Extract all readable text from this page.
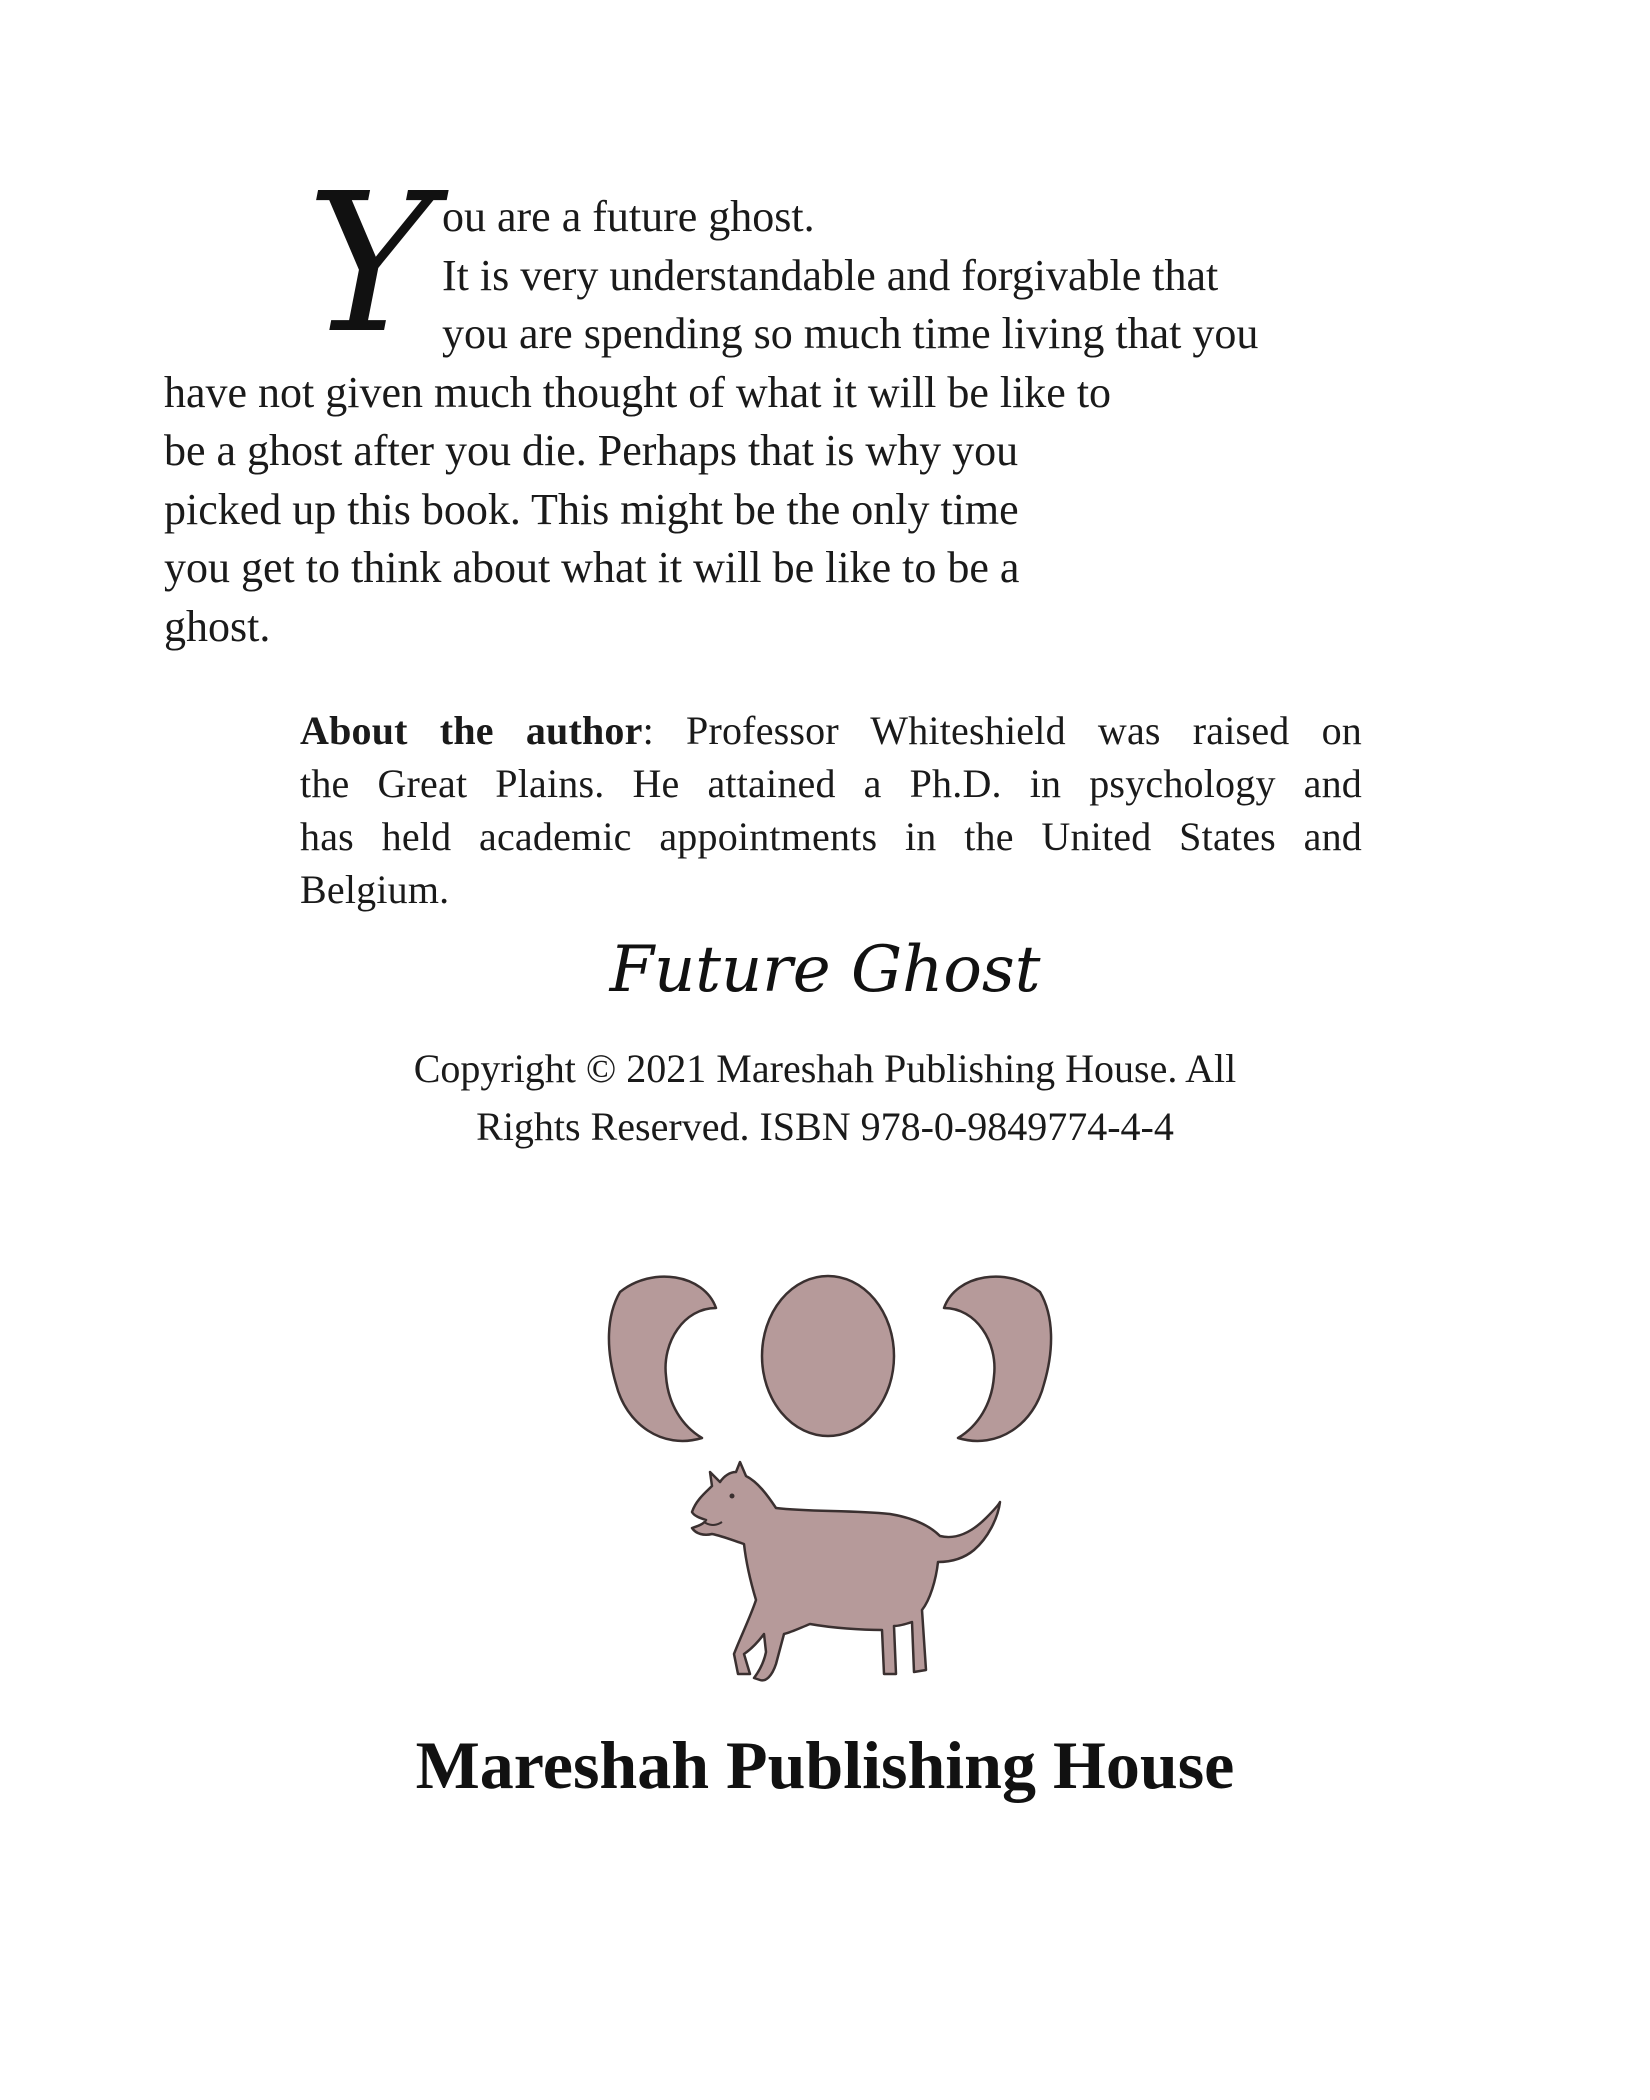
Y ou are a future ghost.
It is very understandable and forgivable that
you are spending so much time living that you
have not given much thought of what it will be like to
be a ghost after you die. Perhaps that is why you
picked up this book. This might be the only time
you get to think about what it will be like to be a
ghost.

About the author: Professor Whiteshield was raised on
the Great Plains. He attained a Ph.D. in psychology and
has held academic appointments in the United States and
Belgium.
Future Ghost
Copyright © 2021 Mareshah Publishing House. All
Rights Reserved. ISBN 978-0-9849774-4-4
Mareshah Publishing House
